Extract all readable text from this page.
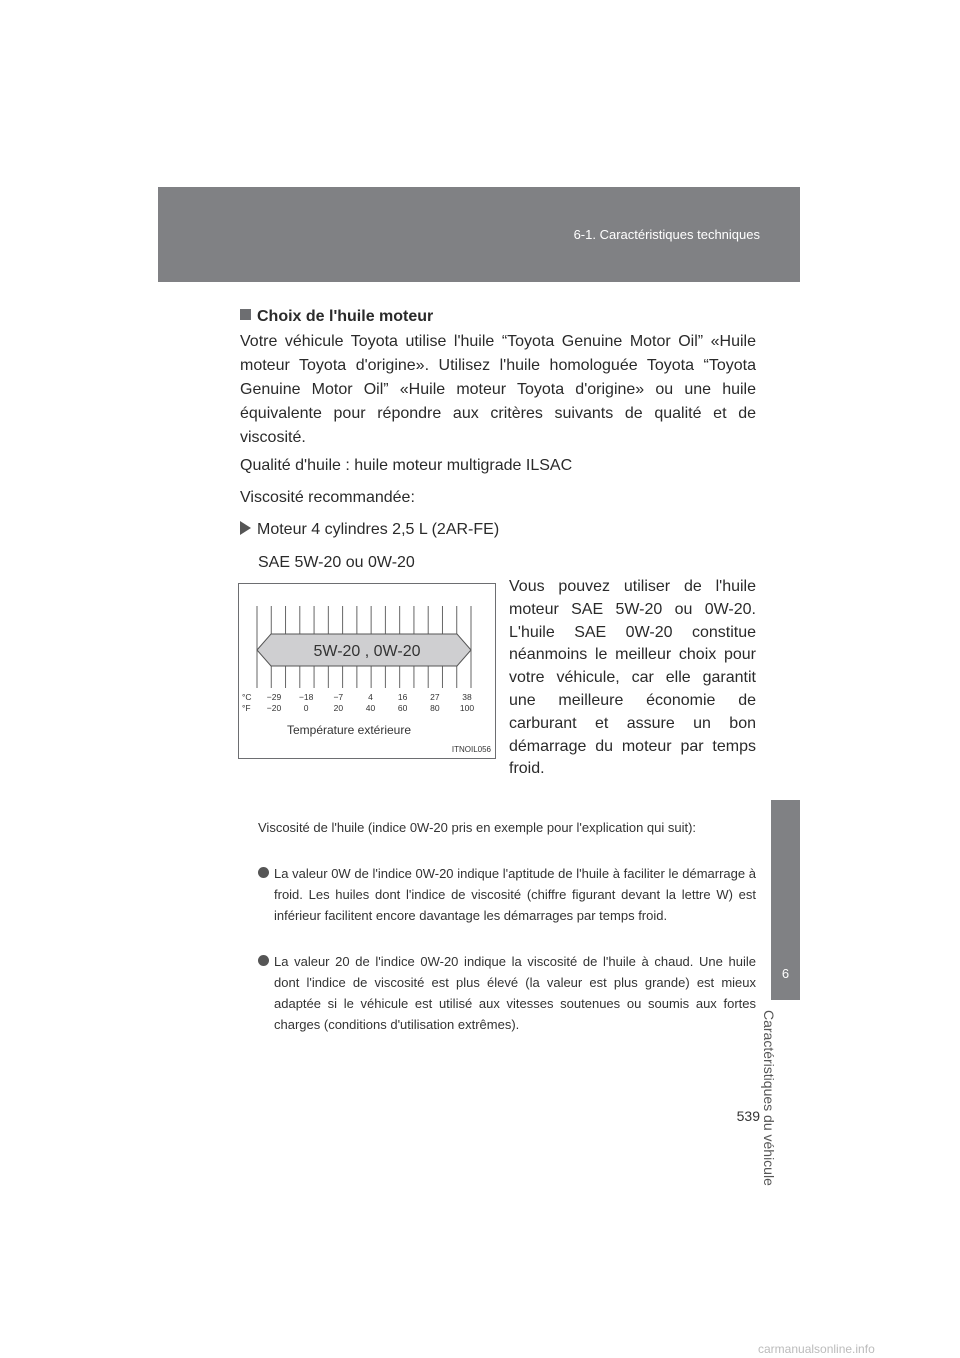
6-1. Caractéristiques techniques
6
Caractéristiques du véhicule
Choix de l'huile moteur
Votre véhicule Toyota utilise l'huile “Toyota Genuine Motor Oil” «Huile moteur Toyota d'origine». Utilisez l'huile homologuée Toyota “Toyota Genuine Motor Oil” «Huile moteur Toyota d'origine» ou une huile équivalente pour répondre aux critères suivants de qualité et de viscosité.
Qualité d'huile : huile moteur multigrade ILSAC
Viscosité recommandée:
Moteur 4 cylindres 2,5 L (2AR-FE)
SAE 5W-20 ou 0W-20
5W-20 , 0W-20
°C
°F
−29 −18 −7	4	16	27	38
−20	0	20	40	60	80 100
Température extérieure
ITNOIL056
Vous pouvez utiliser de l'huile moteur SAE 5W-20 ou 0W-20. L'huile SAE 0W-20 constitue néanmoins le meilleur choix pour votre véhicule, car elle garantit une meilleure économie de carburant et assure un bon démarrage du moteur par temps froid.
Viscosité de l'huile (indice 0W-20 pris en exemple pour l'explication qui suit):
La valeur 0W de l'indice 0W-20 indique l'aptitude de l'huile à faciliter le démarrage à froid. Les huiles dont l'indice de viscosité (chiffre figurant devant la lettre W) est inférieur facilitent encore davantage les démarrages par temps froid.
La valeur 20 de l'indice 0W-20 indique la viscosité de l'huile à chaud. Une huile dont l'indice de viscosité est plus élevé (la valeur est plus grande) est mieux adaptée si le véhicule est utilisé aux vitesses soutenues ou soumis aux fortes charges (conditions d'utilisation extrêmes).
539
carmanualsonline.info
